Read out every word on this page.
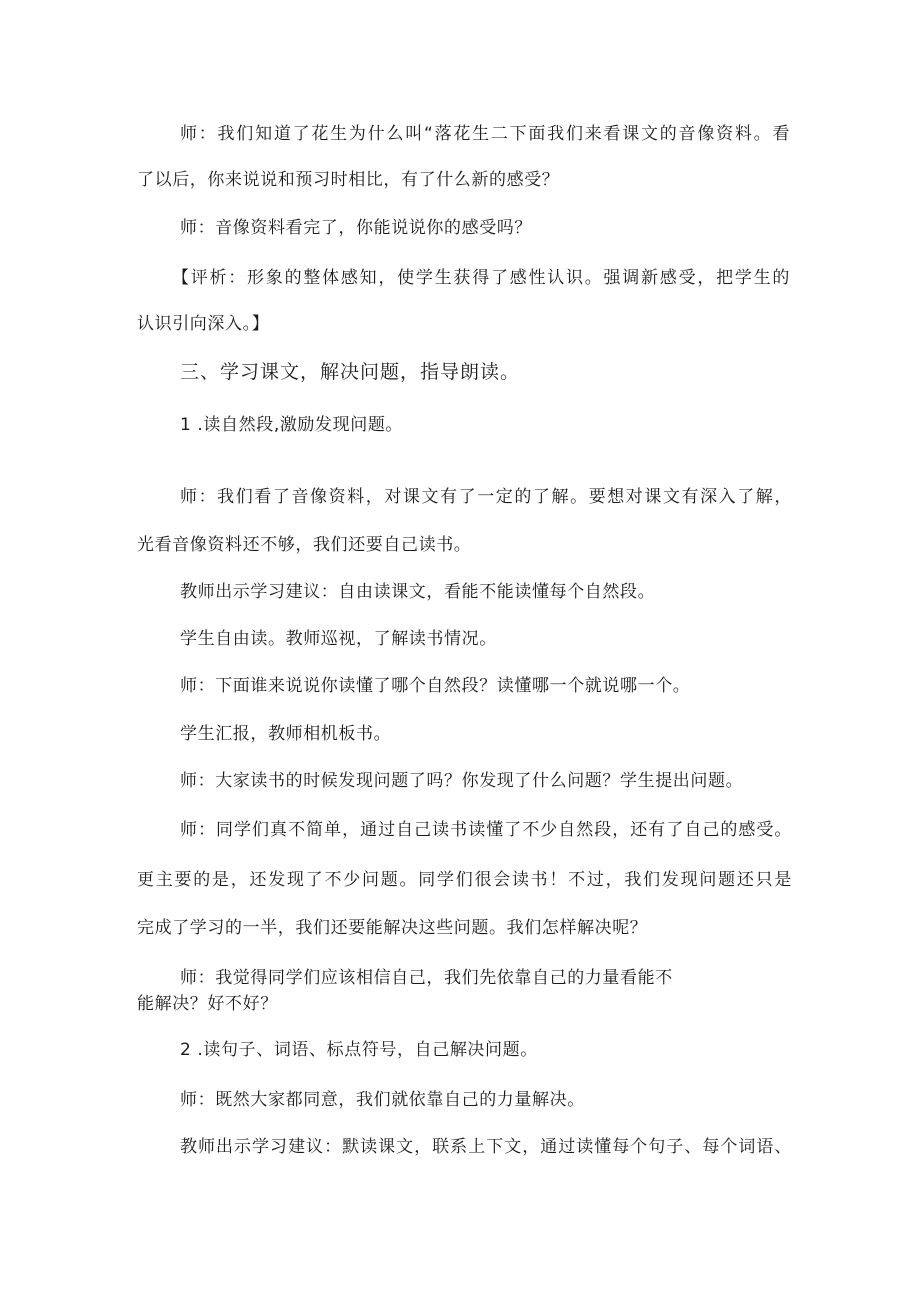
师：我们知道了花生为什么叫“落花生二下面我们来看课文的音像资料。看

了以后，你来说说和预习时相比，有了什么新的感受？

师：音像资料看完了，你能说说你的感受吗？

【评析：形象的整体感知，使学生获得了感性认识。强调新感受，把学生的

认识引向深入。】

三、学习课文，解决问题，指导朗读。

1 .读自然段,激励发现问题。

师：我们看了音像资料，对课文有了一定的了解。要想对课文有深入了解，

光看音像资料还不够，我们还要自己读书。

教师出示学习建议：自由读课文，看能不能读懂每个自然段。

学生自由读。教师巡视，了解读书情况。

师：下面谁来说说你读懂了哪个自然段？读懂哪一个就说哪一个。

学生汇报，教师相机板书。

师：大家读书的时候发现问题了吗？你发现了什么问题？学生提出问题。

师：同学们真不简单，通过自己读书读懂了不少自然段，还有了自己的感受。

更主要的是，还发现了不少问题。同学们很会读书！不过，我们发现问题还只是

完成了学习的一半，我们还要能解决这些问题。我们怎样解决呢？

师：我觉得同学们应该相信自己，我们先依靠自己的力量看能不

能解决？好不好？

2 .读句子、词语、标点符号，自己解决问题。

师：既然大家都同意，我们就依靠自己的力量解决。

教师出示学习建议：默读课文，联系上下文，通过读懂每个句子、每个词语、
